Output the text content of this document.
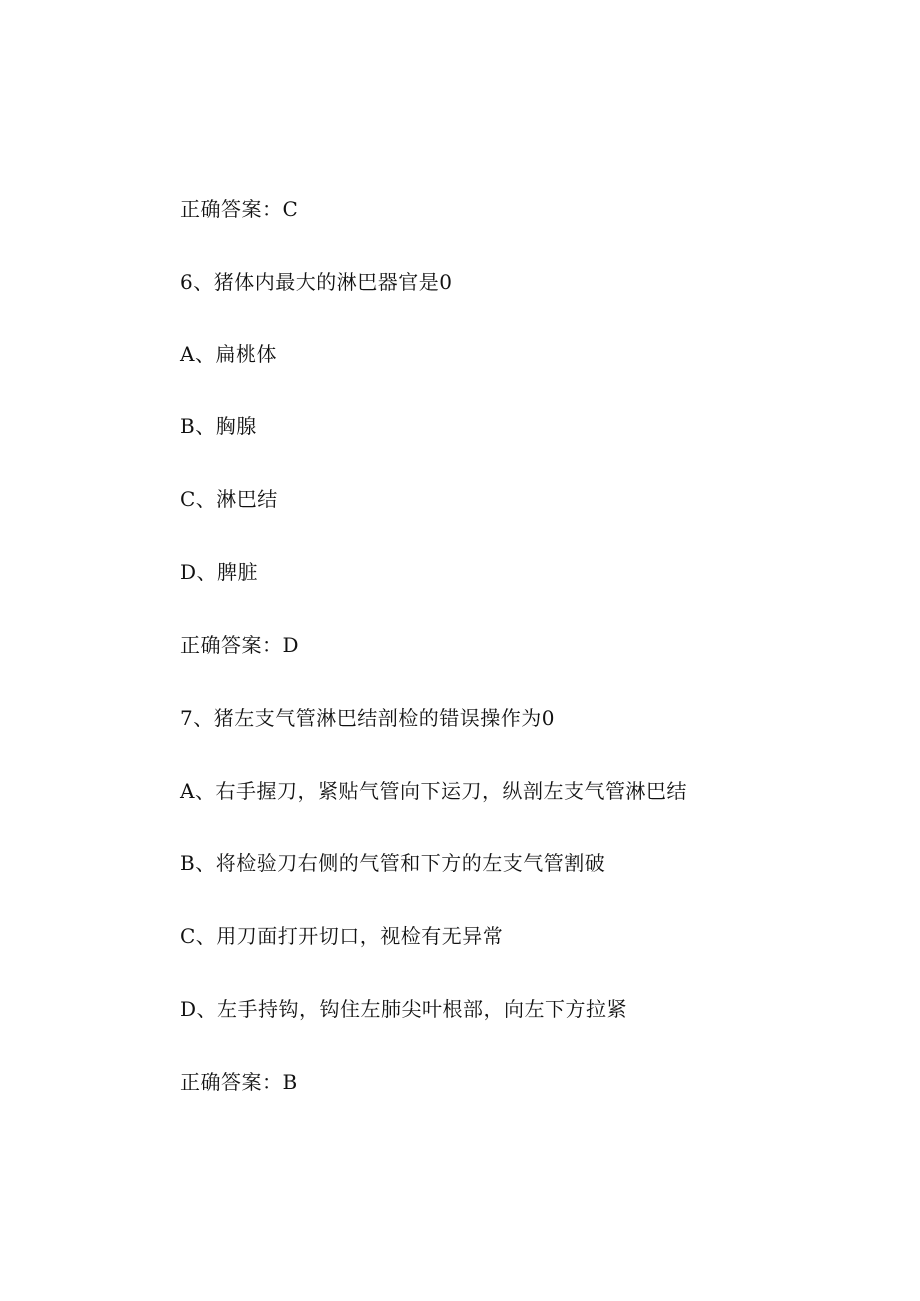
正确答案：C
6、猪体内最大的淋巴器官是0
A、扁桃体
B、胸腺
C、淋巴结
D、脾脏
正确答案：D
7、猪左支气管淋巴结剖检的错误操作为0
A、右手握刀，紧贴气管向下运刀，纵剖左支气管淋巴结
B、将检验刀右侧的气管和下方的左支气管割破
C、用刀面打开切口，视检有无异常
D、左手持钩，钩住左肺尖叶根部，向左下方拉紧
正确答案：B
